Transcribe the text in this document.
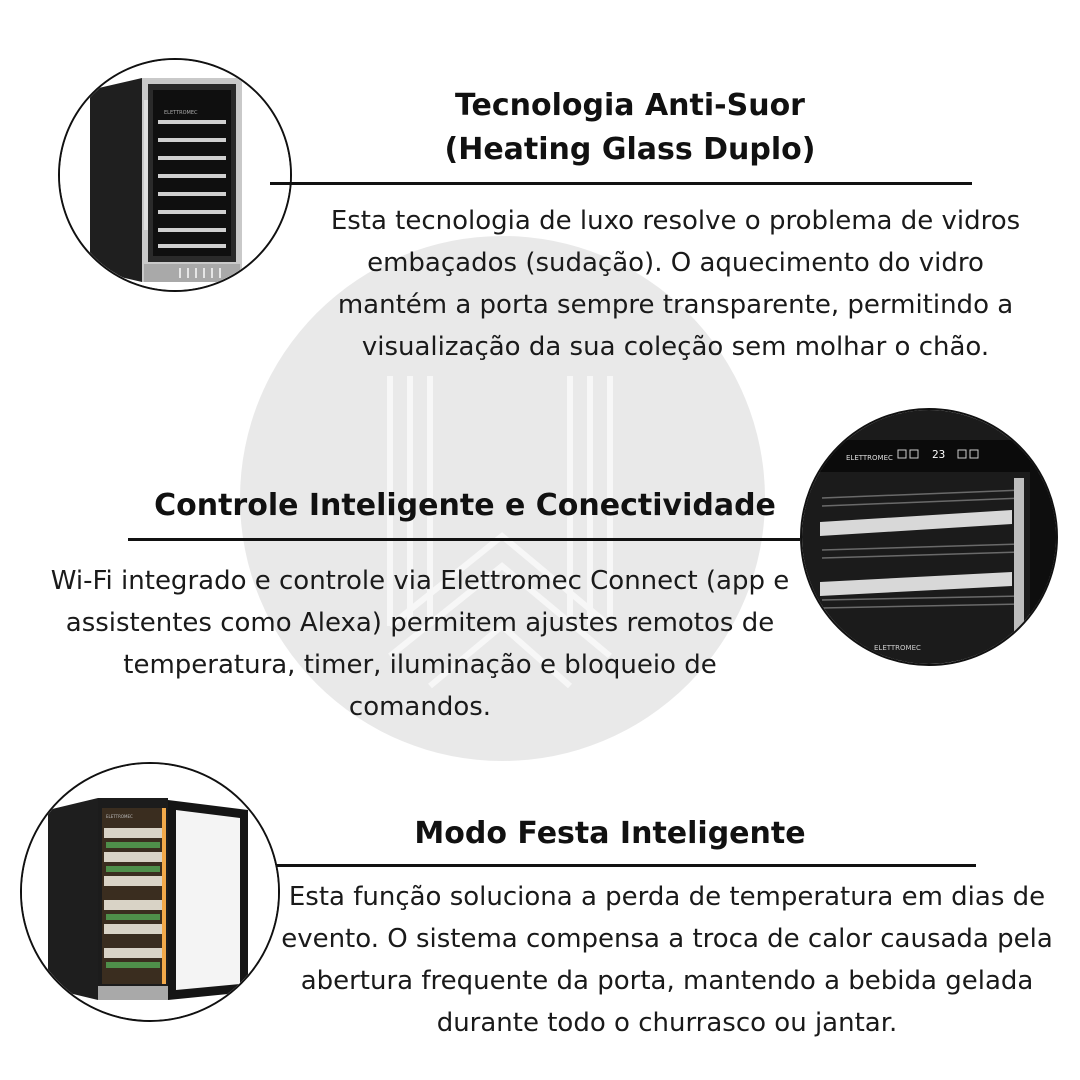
ELETTROMEC	Tecnologia Anti-Suor
(Heating Glass Duplo)

Esta tecnologia de luxo resolve o problema de vidros embaçados (sudação). O aquecimento do vidro mantém a porta sempre transparente, permitindo a visualização da sua coleção sem molhar o chão.

ELETTROMEC	23
ELETTROMEC
Controle Inteligente e Conectividade

Wi-Fi integrado e controle via Elettromec Connect (app e assistentes como Alexa) permitem ajustes remotos de temperatura, timer, iluminação e bloqueio de comandos.

ELETTROMEC	Modo Festa Inteligente

Esta função soluciona a perda de temperatura em dias de evento. O sistema compensa a troca de calor causada pela abertura frequente da porta, mantendo a bebida gelada durante todo o churrasco ou jantar.
